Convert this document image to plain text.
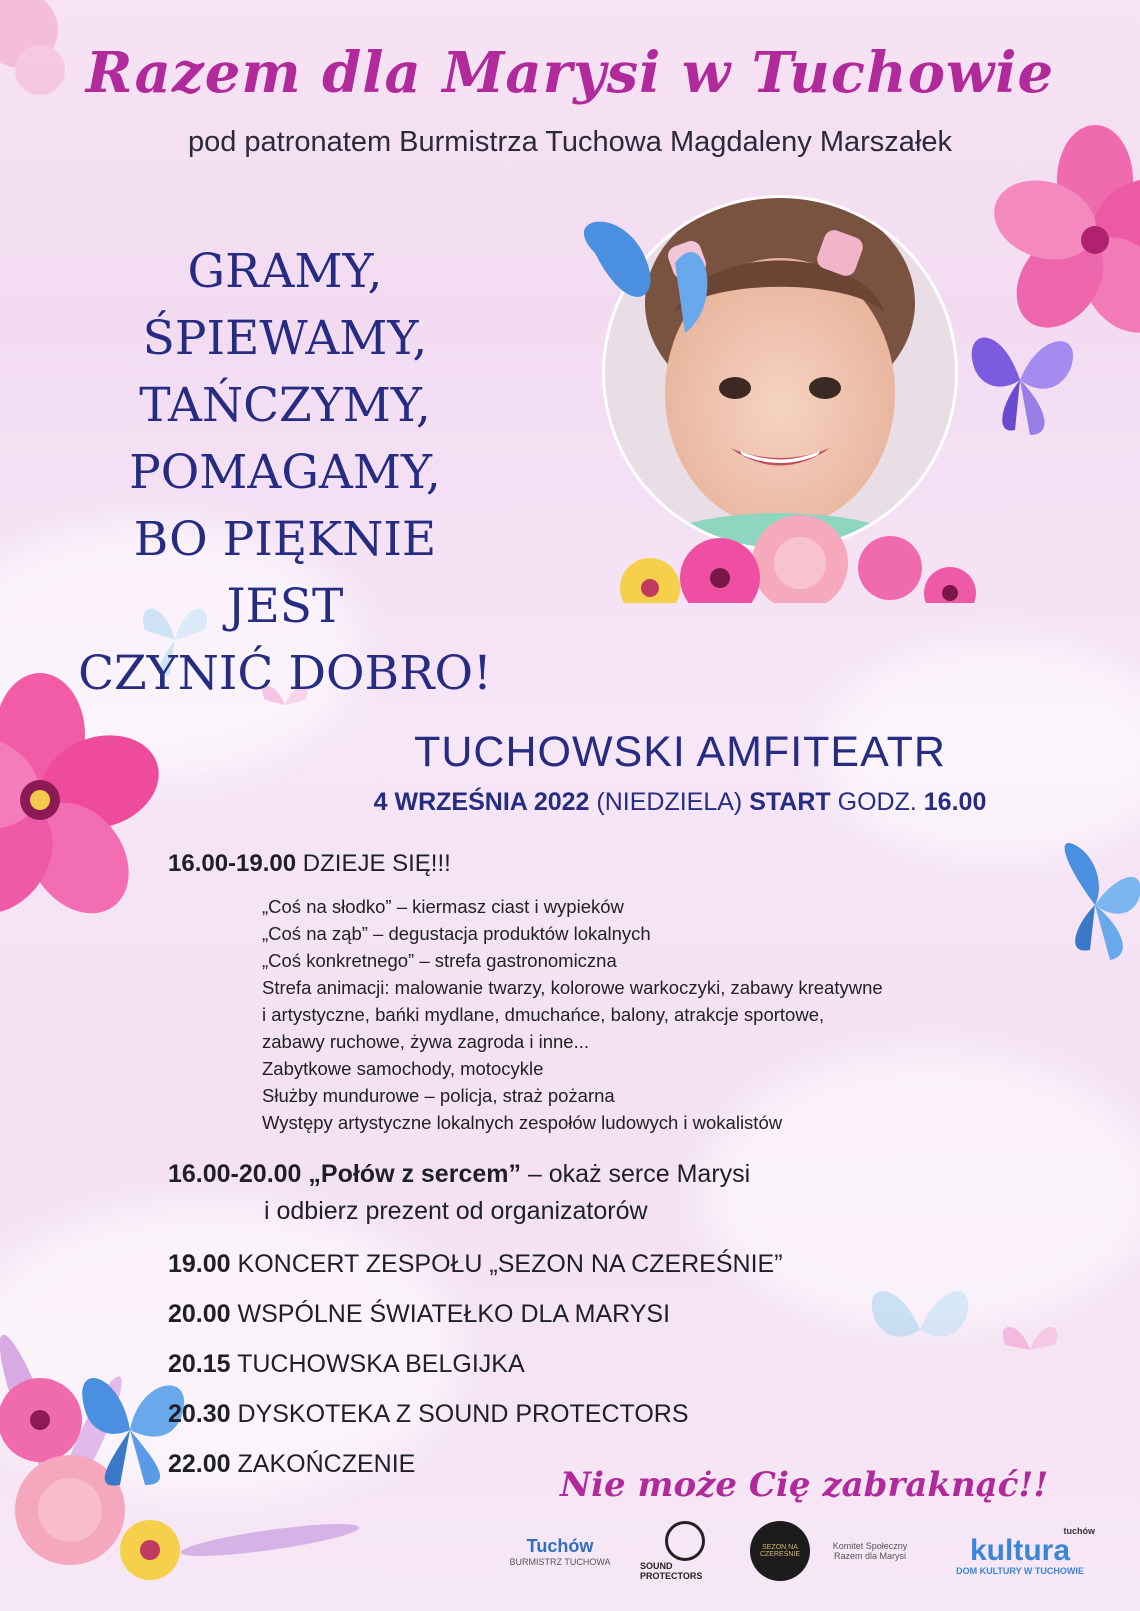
Razem dla Marysi w Tuchowie
pod patronatem Burmistrza Tuchowa Magdaleny Marszałek
GRAMY,
ŚPIEWAMY,
TAŃCZYMY,
POMAGAMY,
BO PIĘKNIE
JEST
CZYNIĆ DOBRO!
TUCHOWSKI AMFITEATR
4 WRZEŚNIA 2022 (NIEDZIELA) START GODZ. 16.00
16.00-19.00 DZIEJE SIĘ!!!
„Coś na słodko” – kiermasz ciast i wypieków
„Coś na ząb” – degustacja produktów lokalnych
„Coś konkretnego” – strefa gastronomiczna
Strefa animacji: malowanie twarzy, kolorowe warkoczyki, zabawy kreatywne
i artystyczne, bańki mydlane, dmuchańce, balony, atrakcje sportowe,
zabawy ruchowe, żywa zagroda i inne...
Zabytkowe samochody, motocykle
Służby mundurowe – policja, straż pożarna
Występy artystyczne lokalnych zespołów ludowych i wokalistów
16.00-20.00 „Połów z sercem” – okaż serce Marysi
i odbierz prezent od organizatorów
19.00 KONCERT ZESPOŁU „SEZON NA CZEREŚNIE”
20.00 WSPÓLNE ŚWIATEŁKO DLA MARYSI
20.15 TUCHOWSKA BELGIJKA
20.30 DYSKOTEKA Z SOUND PROTECTORS
22.00 ZAKOŃCZENIE
Nie może Cię zabraknąć!!
Tuchów
BURMISTRZ TUCHOWA	SOUND PROTECTORS
SEZON NA CZEREŚNIE
Komitet Społeczny
Razem dla Marysi
tuchów
kultura
DOM KULTURY W TUCHOWIE
